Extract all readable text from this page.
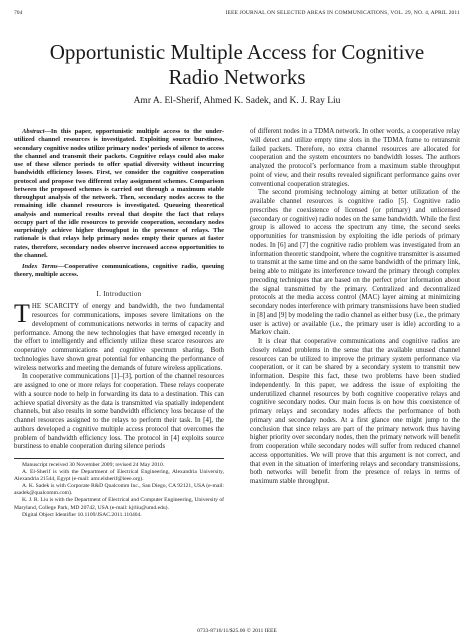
704	IEEE JOURNAL ON SELECTED AREAS IN COMMUNICATIONS, VOL. 29, NO. 4, APRIL 2011
Opportunistic Multiple Access for Cognitive
Radio Networks
Amr A. El-Sherif, Ahmed K. Sadek, and K. J. Ray Liu

Abstract—In this paper, opportunistic multiple access to the under-utilized channel resources is investigated. Exploiting source burstiness, secondary cognitive nodes utilize primary nodes’ periods of silence to access the channel and transmit their packets. Cognitive relays could also make use of these silence periods to offer spatial diversity without incurring bandwidth efficiency losses. First, we consider the cognitive cooperation protocol and propose two different relay assignment schemes. Comparison between the proposed schemes is carried out through a maximum stable throughput analysis of the network. Then, secondary nodes access to the remaining idle channel resources is investigated. Queueing theoretical analysis and numerical results reveal that despite the fact that relays occupy part of the idle resources to provide cooperation, secondary nodes surprisingly achieve higher throughput in the presence of relays. The rationale is that relays help primary nodes empty their queues at faster rates, therefore, secondary nodes observe increased access opportunities to the channel.

Index Terms—Cooperative communications, cognitive radio, queuing theory, multiple access.

I. Introduction

THE SCARCITY of energy and bandwidth, the two fundamental resources for communications, imposes severe limitations on the development of communications networks in terms of capacity and performance. Among the new technologies that have emerged recently in the effort to intelligently and efficiently utilize these scarce resources are cooperative communications and cognitive spectrum sharing. Both technologies have shown great potential for enhancing the performance of wireless networks and meeting the demands of future wireless applications.

In cooperative communications [1]–[3], portion of the channel resources are assigned to one or more relays for cooperation. These relays cooperate with a source node to help in forwarding its data to a destination. This can achieve spatial diversity as the data is transmitted via spatially independent channels, but also results in some bandwidth efficiency loss because of the channel resources assigned to the relays to perform their task. In [4], the authors developed a cognitive multiple access protocol that overcomes the problem of bandwidth efficiency loss. The protocol in [4] exploits source burstiness to enable cooperation during silence periods

Manuscript received 30 November 2009; revised 24 May 2010.

A. El-Sherif is with the Department of Electrical Engineering, Alexandria University, Alexandria 21544, Egypt (e-mail: amr.elsherif@ieee.org).

A. K. Sadek is with Corporate R&D Qualcomm Inc., San Diego, CA 92121, USA (e-mail: asadek@qualcomm.com).

K. J. R. Liu is with the Department of Electrical and Computer Engineering, University of Maryland, College Park, MD 20742, USA (e-mail: kjrliu@umd.edu).

Digital Object Identifier 10.1109/JSAC.2011.110404.

of different nodes in a TDMA network. In other words, a cooperative relay will detect and utilize empty time slots in the TDMA frame to retransmit failed packets. Therefore, no extra channel resources are allocated for cooperation and the system encounters no bandwidth losses. The authors analyzed the protocol’s performance from a maximum stable throughput point of view, and their results revealed significant performance gains over conventional cooperation strategies.

The second promising technology aiming at better utilization of the available channel resources is cognitive radio [5]. Cognitive radio prescribes the coexistence of licensed (or primary) and unlicensed (secondary or cognitive) radio nodes on the same bandwidth. While the first group is allowed to access the spectrum any time, the second seeks opportunities for transmission by exploiting the idle periods of primary nodes. In [6] and [7] the cognitive radio problem was investigated from an information theoretic standpoint, where the cognitive transmitter is assumed to transmit at the same time and on the same bandwidth of the primary link, being able to mitigate its interference toward the primary through complex precoding techniques that are based on the perfect prior information about the signal transmitted by the primary. Centralized and decentralized protocols at the media access control (MAC) layer aiming at minimizing secondary nodes interference with primary transmissions have been studied in [8] and [9] by modeling the radio channel as either busy (i.e., the primary user is active) or available (i.e., the primary user is idle) according to a Markov chain.

It is clear that cooperative communications and cognitive radios are closely related problems in the sense that the available unused channel resources can be utilized to improve the primary system performance via cooperation, or it can be shared by a secondary system to transmit new information. Despite this fact, these two problems have been studied independently. In this paper, we address the issue of exploiting the underutilized channel resources by both cognitive cooperative relays and cognitive secondary nodes. Our main focus is on how this coexistence of primary relays and secondary nodes affects the performance of both primary and secondary nodes. At a first glance one might jump to the conclusion that since relays are part of the primary network thus having higher priority over secondary nodes, then the primary network will benefit from cooperation while secondary nodes will suffer from reduced channel access opportunities. We will prove that this argument is not correct, and that even in the situation of interfering relays and secondary transmissions, both networks will benefit from the presence of relays in terms of maximum stable throughput.

0733-8716/11/$25.00 © 2011 IEEE
